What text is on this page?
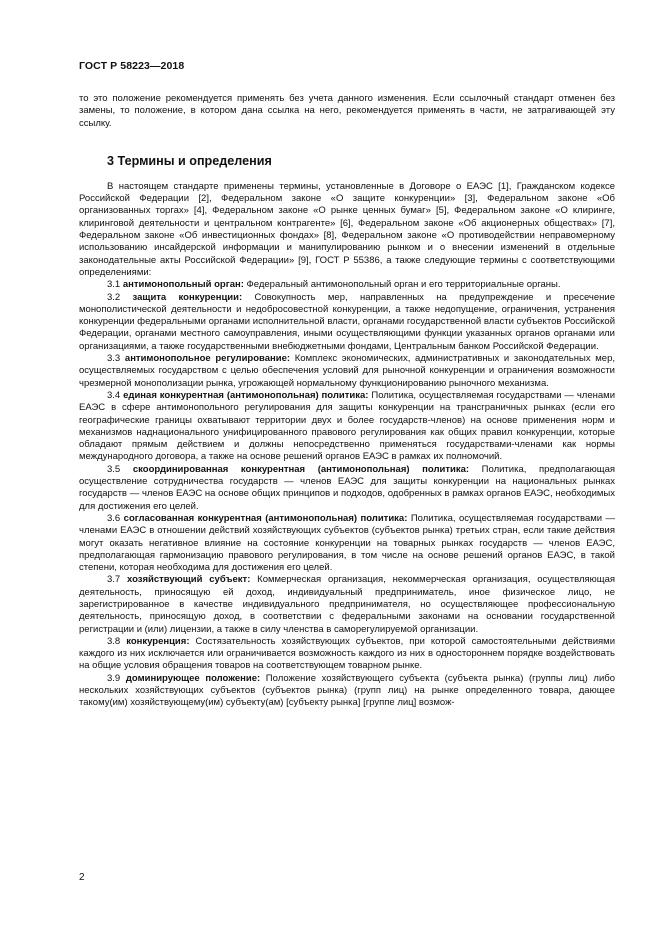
ГОСТ Р 58223—2018

то это положение рекомендуется применять без учета данного изменения. Если ссылочный стандарт отменен без замены, то положение, в котором дана ссылка на него, рекомендуется применять в части, не затрагивающей эту ссылку.

3 Термины и определения

В настоящем стандарте применены термины, установленные в Договоре о ЕАЭС [1], Гражданском кодексе Российской Федерации [2], Федеральном законе «О защите конкуренции» [3], Федеральном законе «Об организованных торгах» [4], Федеральном законе «О рынке ценных бумаг» [5], Федеральном законе «О клиринге, клиринговой деятельности и центральном контрагенте» [6], Федеральном законе «Об акционерных обществах» [7], Федеральном законе «Об инвестиционных фондах» [8], Федеральном законе «О противодействии неправомерному использованию инсайдерской информации и манипулированию рынком и о внесении изменений в отдельные законодательные акты Российской Федерации» [9], ГОСТ Р 55386, а также следующие термины с соответствующими определениями:

3.1 антимонопольный орган: Федеральный антимонопольный орган и его территориальные органы.

3.2 защита конкуренции: Совокупность мер, направленных на предупреждение и пресечение монополистической деятельности и недобросовестной конкуренции, а также недопущение, ограничения, устранения конкуренции федеральными органами исполнительной власти, органами государственной власти субъектов Российской Федерации, органами местного самоуправления, иными осуществляющими функции указанных органов органами или организациями, а также государственными внебюджетными фондами, Центральным банком Российской Федерации.

3.3 антимонопольное регулирование: Комплекс экономических, административных и законодательных мер, осуществляемых государством с целью обеспечения условий для рыночной конкуренции и ограничения возможности чрезмерной монополизации рынка, угрожающей нормальному функционированию рыночного механизма.

3.4 единая конкурентная (антимонопольная) политика: Политика, осуществляемая государствами — членами ЕАЭС в сфере антимонопольного регулирования для защиты конкуренции на трансграничных рынках (если его географические границы охватывают территории двух и более государств-членов) на основе применения норм и механизмов наднационального унифицированного правового регулирования как общих правил конкуренции, которые обладают прямым действием и должны непосредственно применяться государствами-членами как нормы международного договора, а также на основе решений органов ЕАЭС в рамках их полномочий.

3.5 скоординированная конкурентная (антимонопольная) политика: Политика, предполагающая осуществление сотрудничества государств — членов ЕАЭС для защиты конкуренции на национальных рынках государств — членов ЕАЭС на основе общих принципов и подходов, одобренных в рамках органов ЕАЭС, необходимых для достижения его целей.

3.6 согласованная конкурентная (антимонопольная) политика: Политика, осуществляемая государствами — членами ЕАЭС в отношении действий хозяйствующих субъектов (субъектов рынка) третьих стран, если такие действия могут оказать негативное влияние на состояние конкуренции на товарных рынках государств — членов ЕАЭС, предполагающая гармонизацию правового регулирования, в том числе на основе решений органов ЕАЭС, в такой степени, которая необходима для достижения его целей.

3.7 хозяйствующий субъект: Коммерческая организация, некоммерческая организация, осуществляющая деятельность, приносящую ей доход, индивидуальный предприниматель, иное физическое лицо, не зарегистрированное в качестве индивидуального предпринимателя, но осуществляющее профессиональную деятельность, приносящую доход, в соответствии с федеральными законами на основании государственной регистрации и (или) лицензии, а также в силу членства в саморегулируемой организации.

3.8 конкуренция: Состязательность хозяйствующих субъектов, при которой самостоятельными действиями каждого из них исключается или ограничивается возможность каждого из них в одностороннем порядке воздействовать на общие условия обращения товаров на соответствующем товарном рынке.

3.9 доминирующее положение: Положение хозяйствующего субъекта (субъекта рынка) (группы лиц) либо нескольких хозяйствующих субъектов (субъектов рынка) (групп лиц) на рынке определенного товара, дающее такому(им) хозяйствующему(им) субъекту(ам) [субъекту рынка] [группе лиц] возмож-

2
